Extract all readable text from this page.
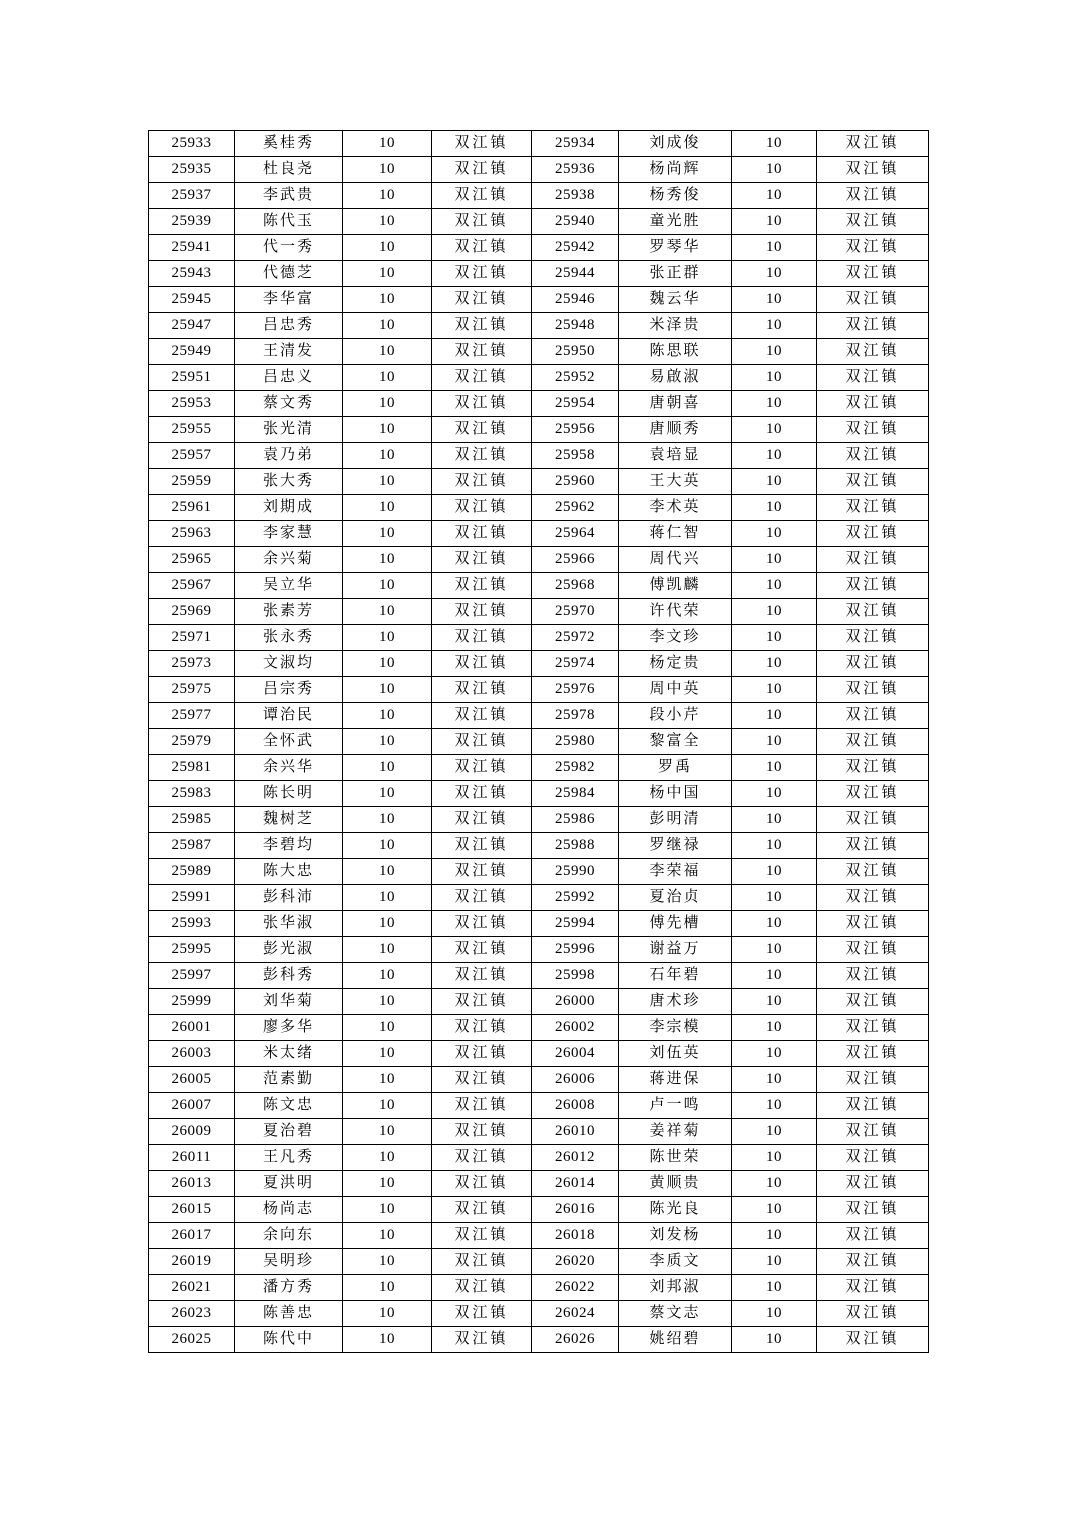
25933	奚桂秀	10	双江镇	25934	刘成俊	10	双江镇
25935	杜良尧	10	双江镇	25936	杨尚辉	10	双江镇
25937	李武贵	10	双江镇	25938	杨秀俊	10	双江镇
25939	陈代玉	10	双江镇	25940	童光胜	10	双江镇
25941	代一秀	10	双江镇	25942	罗琴华	10	双江镇
25943	代德芝	10	双江镇	25944	张正群	10	双江镇
25945	李华富	10	双江镇	25946	魏云华	10	双江镇
25947	吕忠秀	10	双江镇	25948	米泽贵	10	双江镇
25949	王清发	10	双江镇	25950	陈思联	10	双江镇
25951	吕忠义	10	双江镇	25952	易啟淑	10	双江镇
25953	蔡文秀	10	双江镇	25954	唐朝喜	10	双江镇
25955	张光清	10	双江镇	25956	唐顺秀	10	双江镇
25957	袁乃弟	10	双江镇	25958	袁培显	10	双江镇
25959	张大秀	10	双江镇	25960	王大英	10	双江镇
25961	刘期成	10	双江镇	25962	李术英	10	双江镇
25963	李家慧	10	双江镇	25964	蒋仁智	10	双江镇
25965	余兴菊	10	双江镇	25966	周代兴	10	双江镇
25967	吴立华	10	双江镇	25968	傅凯麟	10	双江镇
25969	张素芳	10	双江镇	25970	许代荣	10	双江镇
25971	张永秀	10	双江镇	25972	李文珍	10	双江镇
25973	文淑均	10	双江镇	25974	杨定贵	10	双江镇
25975	吕宗秀	10	双江镇	25976	周中英	10	双江镇
25977	谭治民	10	双江镇	25978	段小芹	10	双江镇
25979	全怀武	10	双江镇	25980	黎富全	10	双江镇
25981	余兴华	10	双江镇	25982	罗禹	10	双江镇
25983	陈长明	10	双江镇	25984	杨中国	10	双江镇
25985	魏树芝	10	双江镇	25986	彭明清	10	双江镇
25987	李碧均	10	双江镇	25988	罗继禄	10	双江镇
25989	陈大忠	10	双江镇	25990	李荣福	10	双江镇
25991	彭科沛	10	双江镇	25992	夏治贞	10	双江镇
25993	张华淑	10	双江镇	25994	傅先槽	10	双江镇
25995	彭光淑	10	双江镇	25996	谢益万	10	双江镇
25997	彭科秀	10	双江镇	25998	石年碧	10	双江镇
25999	刘华菊	10	双江镇	26000	唐术珍	10	双江镇
26001	廖多华	10	双江镇	26002	李宗模	10	双江镇
26003	米太绪	10	双江镇	26004	刘伍英	10	双江镇
26005	范素勤	10	双江镇	26006	蒋进保	10	双江镇
26007	陈文忠	10	双江镇	26008	卢一鸣	10	双江镇
26009	夏治碧	10	双江镇	26010	姜祥菊	10	双江镇
26011	王凡秀	10	双江镇	26012	陈世荣	10	双江镇
26013	夏洪明	10	双江镇	26014	黄顺贵	10	双江镇
26015	杨尚志	10	双江镇	26016	陈光良	10	双江镇
26017	余向东	10	双江镇	26018	刘发杨	10	双江镇
26019	吴明珍	10	双江镇	26020	李质文	10	双江镇
26021	潘方秀	10	双江镇	26022	刘邦淑	10	双江镇
26023	陈善忠	10	双江镇	26024	蔡文志	10	双江镇
26025	陈代中	10	双江镇	26026	姚绍碧	10	双江镇
